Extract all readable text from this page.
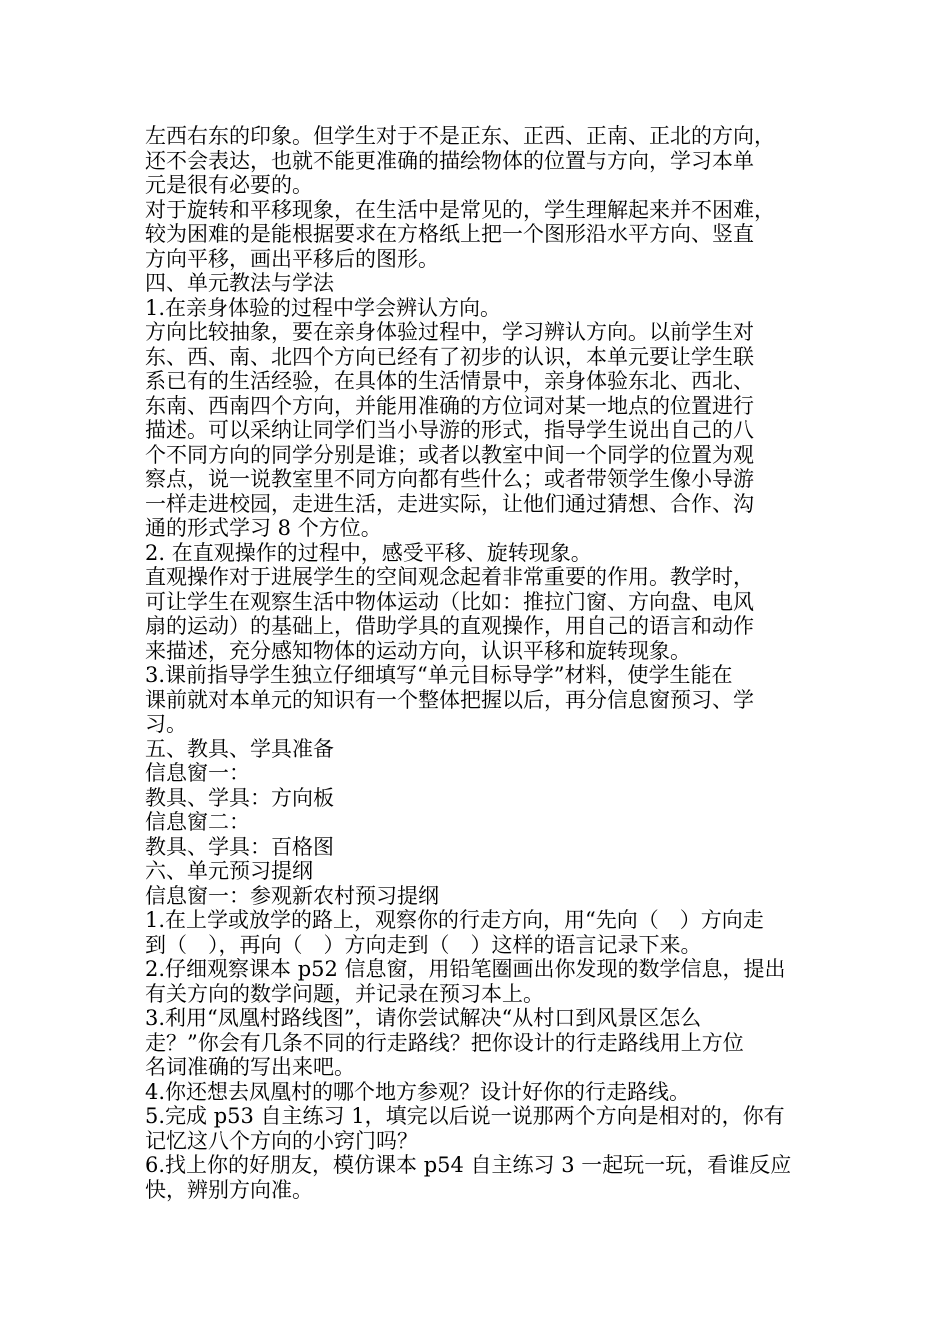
左西右东的印象。但学生对于不是正东、正西、正南、正北的方向，
还不会表达，也就不能更准确的描绘物体的位置与方向，学习本单
元是很有必要的。

对于旋转和平移现象，在生活中是常见的，学生理解起来并不困难，
较为困难的是能根据要求在方格纸上把一个图形沿水平方向、竖直
方向平移，画出平移后的图形。

四、单元教法与学法

1.在亲身体验的过程中学会辨认方向。

方向比较抽象，要在亲身体验过程中，学习辨认方向。以前学生对
东、西、南、北四个方向已经有了初步的认识，本单元要让学生联
系已有的生活经验，在具体的生活情景中，亲身体验东北、西北、
东南、西南四个方向，并能用准确的方位词对某一地点的位置进行
描述。可以采纳让同学们当小导游的形式，指导学生说出自己的八
个不同方向的同学分别是谁；或者以教室中间一个同学的位置为观
察点，说一说教室里不同方向都有些什么；或者带领学生像小导游
一样走进校园，走进生活，走进实际，让他们通过猜想、合作、沟
通的形式学习 8 个方位。

2. 在直观操作的过程中，感受平移、旋转现象。

直观操作对于进展学生的空间观念起着非常重要的作用。教学时，
可让学生在观察生活中物体运动（比如：推拉门窗、方向盘、电风
扇的运动）的基础上，借助学具的直观操作，用自己的语言和动作
来描述，充分感知物体的运动方向，认识平移和旋转现象。

3.课前指导学生独立仔细填写“单元目标导学”材料，使学生能在
课前就对本单元的知识有一个整体把握以后，再分信息窗预习、学
习。

五、教具、学具准备

信息窗一：

教具、学具：方向板

信息窗二：

教具、学具：百格图

六、单元预习提纲

信息窗一：参观新农村预习提纲

1.在上学或放学的路上，观察你的行走方向，用“先向（　）方向走
到（　），再向（　）方向走到（　）这样的语言记录下来。

2.仔细观察课本 p52 信息窗，用铅笔圈画出你发现的数学信息，提出
有关方向的数学问题，并记录在预习本上。

3.利用“凤凰村路线图”，请你尝试解决“从村口到风景区怎么
走？”你会有几条不同的行走路线？把你设计的行走路线用上方位
名词准确的写出来吧。

4.你还想去凤凰村的哪个地方参观？设计好你的行走路线。

5.完成 p53 自主练习 1，填完以后说一说那两个方向是相对的，你有
记忆这八个方向的小窍门吗？

6.找上你的好朋友，模仿课本 p54 自主练习 3 一起玩一玩，看谁反应
快，辨别方向准。
